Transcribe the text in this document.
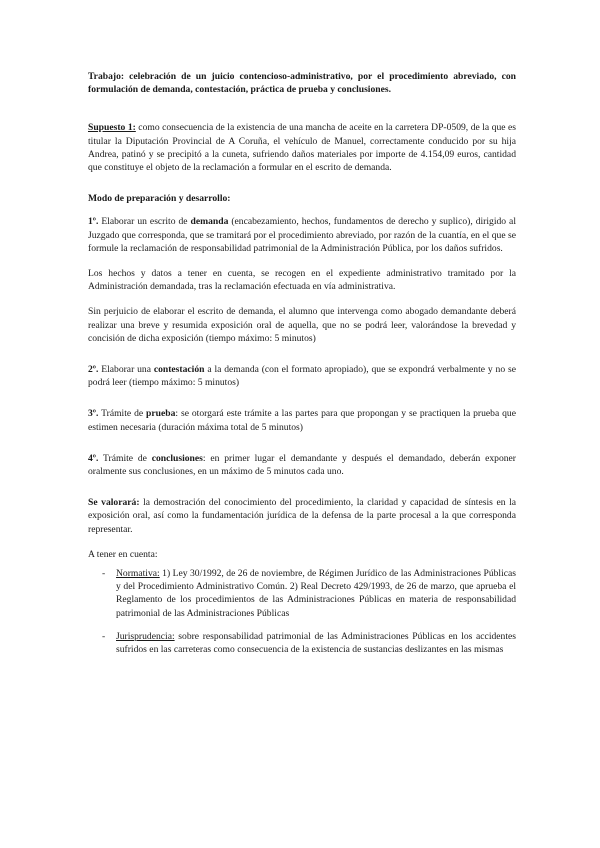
Trabajo: celebración de un juicio contencioso-administrativo, por el procedimiento abreviado, con formulación de demanda, contestación, práctica de prueba y conclusiones.
Supuesto 1: como consecuencia de la existencia de una mancha de aceite en la carretera DP-0509, de la que es titular la Diputación Provincial de A Coruña, el vehículo de Manuel, correctamente conducido por su hija Andrea, patinó y se precipitó a la cuneta, sufriendo daños materiales por importe de 4.154,09 euros, cantidad que constituye el objeto de la reclamación a formular en el escrito de demanda.
Modo de preparación y desarrollo:
1º. Elaborar un escrito de demanda (encabezamiento, hechos, fundamentos de derecho y suplico), dirigido al Juzgado que corresponda, que se tramitará por el procedimiento abreviado, por razón de la cuantía, en el que se formule la reclamación de responsabilidad patrimonial de la Administración Pública, por los daños sufridos.
Los hechos y datos a tener en cuenta, se recogen en el expediente administrativo tramitado por la Administración demandada, tras la reclamación efectuada en vía administrativa.
Sin perjuicio de elaborar el escrito de demanda, el alumno que intervenga como abogado demandante deberá realizar una breve y resumida exposición oral de aquella, que no se podrá leer, valorándose la brevedad y concisión de dicha exposición (tiempo máximo: 5 minutos)
2º. Elaborar una contestación a la demanda (con el formato apropiado), que se expondrá verbalmente y no se podrá leer (tiempo máximo: 5 minutos)
3º. Trámite de prueba: se otorgará este trámite a las partes para que propongan y se practiquen la prueba que estimen necesaria (duración máxima total de 5 minutos)
4º. Trámite de conclusiones: en primer lugar el demandante y después el demandado, deberán exponer oralmente sus conclusiones, en un máximo de 5 minutos cada uno.
Se valorará: la demostración del conocimiento del procedimiento, la claridad y capacidad de síntesis en la exposición oral, así como la fundamentación jurídica de la defensa de la parte procesal a la que corresponda representar.
A tener en cuenta:
- Normativa: 1) Ley 30/1992, de 26 de noviembre, de Régimen Jurídico de las Administraciones Públicas y del Procedimiento Administrativo Común. 2) Real Decreto 429/1993, de 26 de marzo, que aprueba el Reglamento de los procedimientos de las Administraciones Públicas en materia de responsabilidad patrimonial de las Administraciones Públicas
- Jurisprudencia: sobre responsabilidad patrimonial de las Administraciones Públicas en los accidentes sufridos en las carreteras como consecuencia de la existencia de sustancias deslizantes en las mismas
